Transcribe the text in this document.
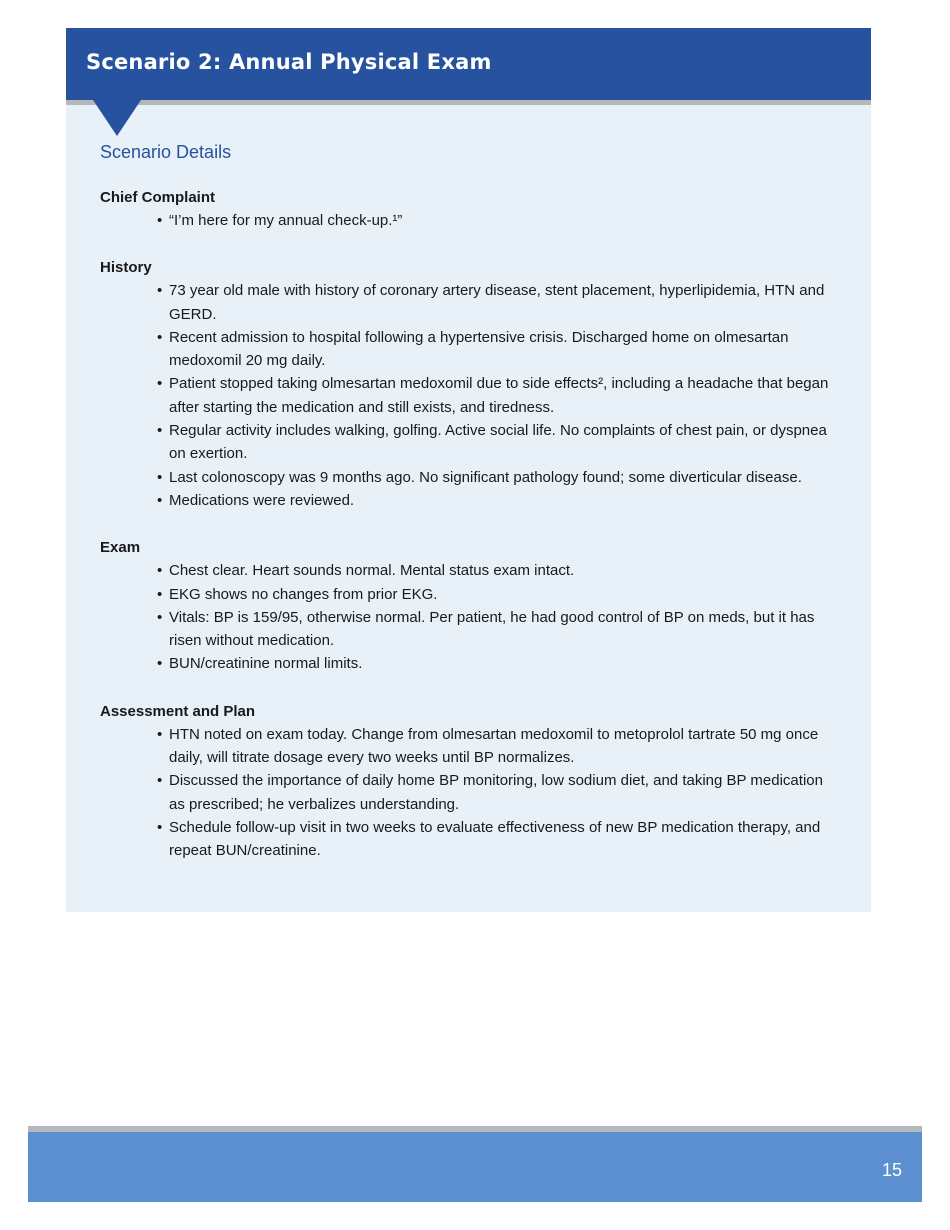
Scenario 2: Annual Physical Exam
Scenario Details
Chief Complaint
• “I’m here for my annual check-up.¹”
History
• 73 year old male with history of coronary artery disease, stent placement, hyperlipidemia, HTN and GERD.
• Recent admission to hospital following a hypertensive crisis. Discharged home on olmesartan medoxomil 20 mg daily.
• Patient stopped taking olmesartan medoxomil due to side effects², including a headache that began after starting the medication and still exists, and tiredness.
• Regular activity includes walking, golfing. Active social life. No complaints of chest pain, or dyspnea on exertion.
• Last colonoscopy was 9 months ago. No significant pathology found; some diverticular disease.
• Medications were reviewed.
Exam
• Chest clear. Heart sounds normal. Mental status exam intact.
• EKG shows no changes from prior EKG.
• Vitals: BP is 159/95, otherwise normal. Per patient, he had good control of BP on meds, but it has risen without medication.
• BUN/creatinine normal limits.
Assessment and Plan
• HTN noted on exam today. Change from olmesartan medoxomil to metoprolol tartrate 50 mg once daily, will titrate dosage every two weeks until BP normalizes.
• Discussed the importance of daily home BP monitoring, low sodium diet, and taking BP medication as prescribed; he verbalizes understanding.
• Schedule follow-up visit in two weeks to evaluate effectiveness of new BP medication therapy, and repeat BUN/creatinine.
15
